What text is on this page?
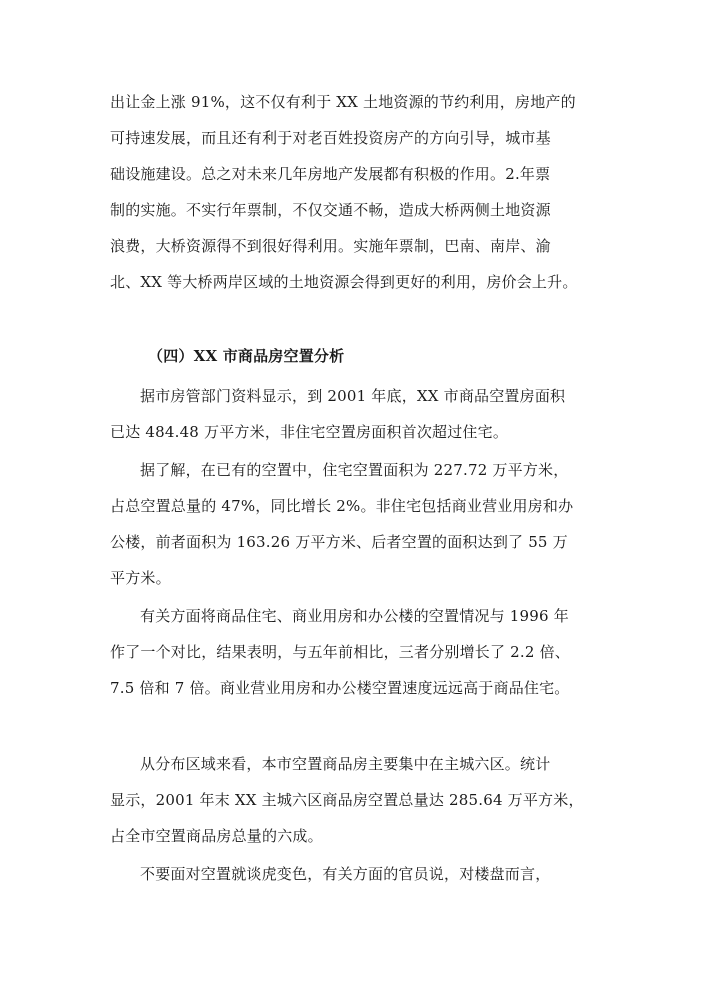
出让金上涨 91%，这不仅有利于 XX 土地资源的节约利用，房地产的
可持速发展，而且还有利于对老百姓投资房产的方向引导，城市基
础设施建设。总之对未来几年房地产发展都有积极的作用。2.年票
制的实施。不实行年票制，不仅交通不畅，造成大桥两侧土地资源
浪费，大桥资源得不到很好得利用。实施年票制，巴南、南岸、渝
北、XX 等大桥两岸区域的土地资源会得到更好的利用，房价会上升。
（四）XX 市商品房空置分析
据市房管部门资料显示，到 2001 年底，XX 市商品空置房面积
已达 484.48 万平方米，非住宅空置房面积首次超过住宅。
据了解，在已有的空置中，住宅空置面积为 227.72 万平方米，
占总空置总量的 47%，同比增长 2%。非住宅包括商业营业用房和办
公楼，前者面积为 163.26 万平方米、后者空置的面积达到了 55 万
平方米。
有关方面将商品住宅、商业用房和办公楼的空置情况与 1996 年
作了一个对比，结果表明，与五年前相比，三者分别增长了 2.2 倍、
7.5 倍和 7 倍。商业营业用房和办公楼空置速度远远高于商品住宅。
从分布区域来看，本市空置商品房主要集中在主城六区。统计
显示，2001 年末 XX 主城六区商品房空置总量达 285.64 万平方米，
占全市空置商品房总量的六成。
不要面对空置就谈虎变色，有关方面的官员说，对楼盘而言，
